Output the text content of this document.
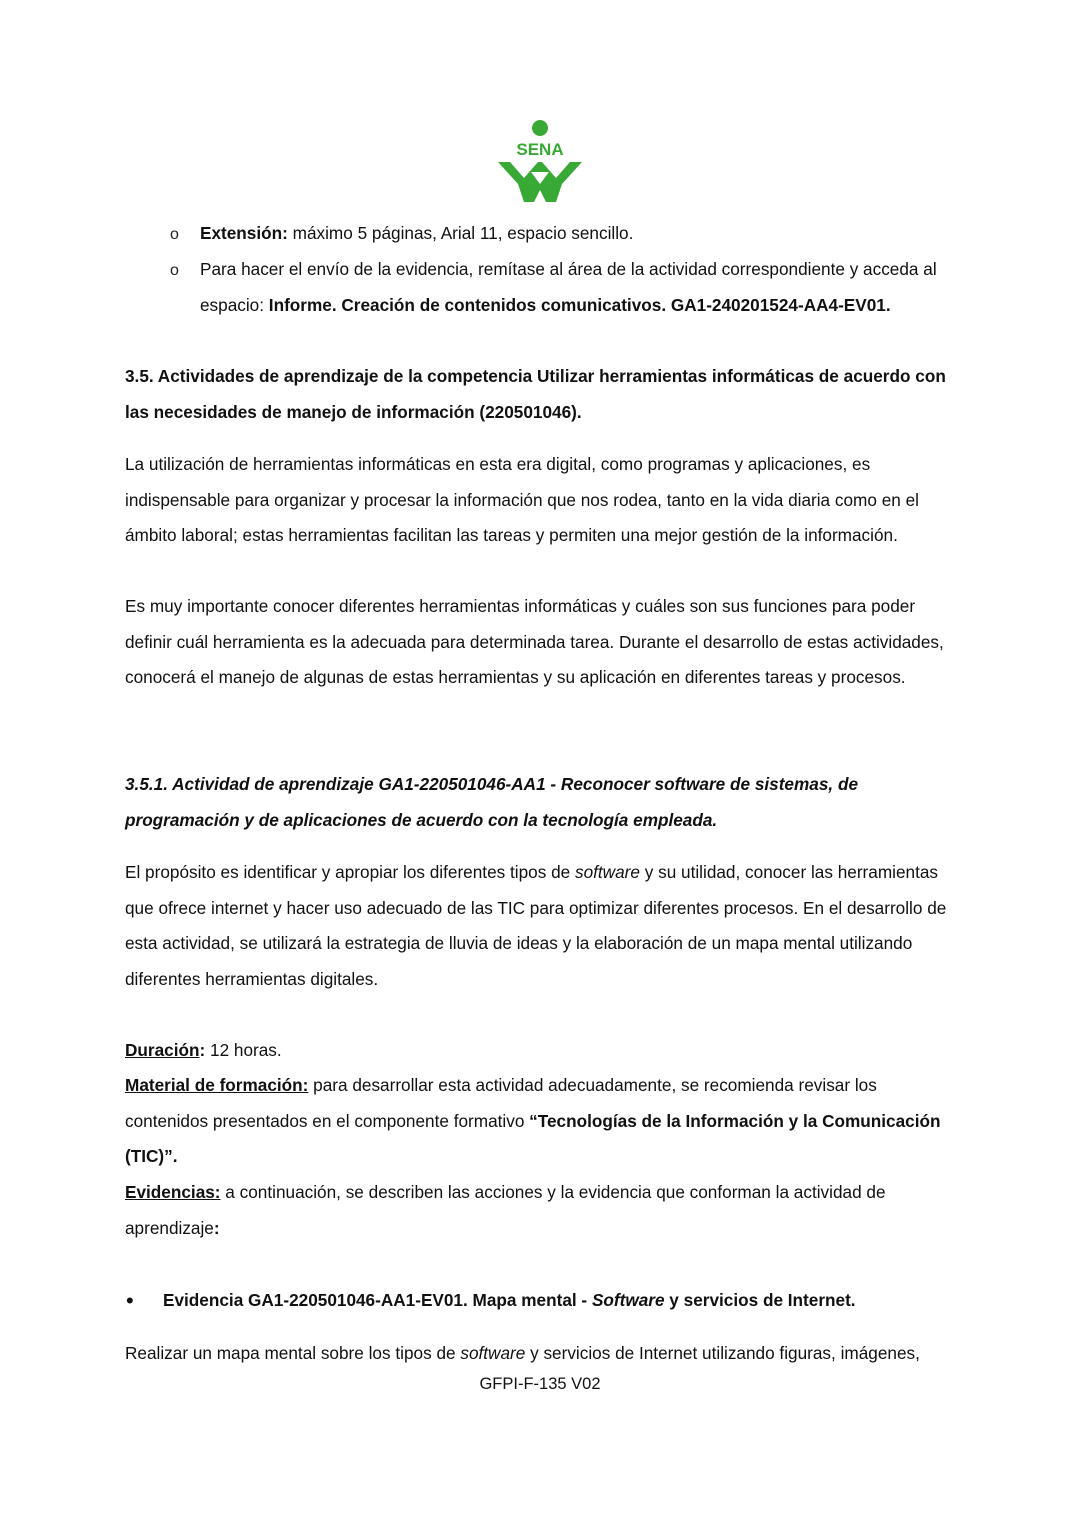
SENA
o Extensión: máximo 5 páginas, Arial 11, espacio sencillo.
o Para hacer el envío de la evidencia, remítase al área de la actividad correspondiente y acceda al espacio: Informe. Creación de contenidos comunicativos. GA1-240201524-AA4-EV01.
3.5. Actividades de aprendizaje de la competencia Utilizar herramientas informáticas de acuerdo con las necesidades de manejo de información (220501046).
La utilización de herramientas informáticas en esta era digital, como programas y aplicaciones, es indispensable para organizar y procesar la información que nos rodea, tanto en la vida diaria como en el ámbito laboral; estas herramientas facilitan las tareas y permiten una mejor gestión de la información.
Es muy importante conocer diferentes herramientas informáticas y cuáles son sus funciones para poder definir cuál herramienta es la adecuada para determinada tarea. Durante el desarrollo de estas actividades, conocerá el manejo de algunas de estas herramientas y su aplicación en diferentes tareas y procesos.
3.5.1. Actividad de aprendizaje GA1-220501046-AA1 - Reconocer software de sistemas, de programación y de aplicaciones de acuerdo con la tecnología empleada.
El propósito es identificar y apropiar los diferentes tipos de software y su utilidad, conocer las herramientas que ofrece internet y hacer uso adecuado de las TIC para optimizar diferentes procesos. En el desarrollo de esta actividad, se utilizará la estrategia de lluvia de ideas y la elaboración de un mapa mental utilizando diferentes herramientas digitales.
Duración: 12 horas.
Material de formación: para desarrollar esta actividad adecuadamente, se recomienda revisar los contenidos presentados en el componente formativo “Tecnologías de la Información y la Comunicación (TIC)”.
Evidencias: a continuación, se describen las acciones y la evidencia que conforman la actividad de aprendizaje:
• Evidencia GA1-220501046-AA1-EV01. Mapa mental - Software y servicios de Internet.
Realizar un mapa mental sobre los tipos de software y servicios de Internet utilizando figuras, imágenes,
GFPI-F-135 V02
